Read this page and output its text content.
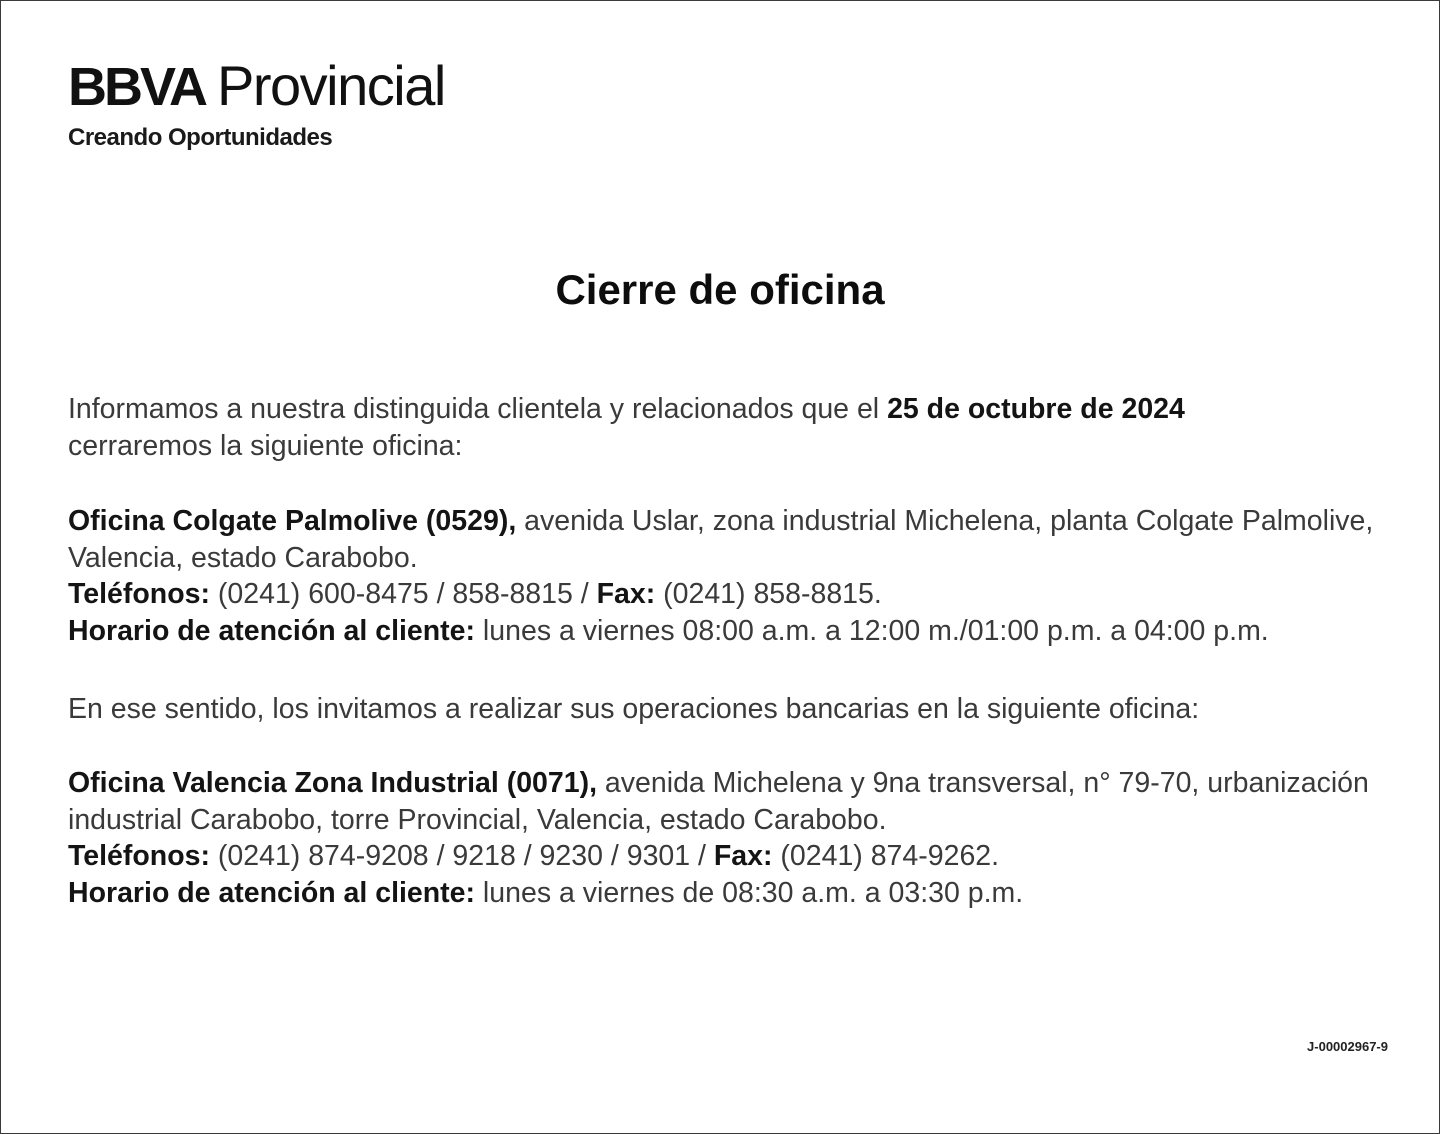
BBVA Provincial
Creando Oportunidades
Cierre de oficina

Informamos a nuestra distinguida clientela y relacionados que el 25 de octubre de 2024
cerraremos la siguiente oficina:

Oficina Colgate Palmolive (0529), avenida Uslar, zona industrial Michelena, planta Colgate Palmolive, Valencia, estado Carabobo.
Teléfonos: (0241) 600-8475 / 858-8815 / Fax: (0241) 858-8815.
Horario de atención al cliente: lunes a viernes 08:00 a.m. a 12:00 m./01:00 p.m. a 04:00 p.m.

En ese sentido, los invitamos a realizar sus operaciones bancarias en la siguiente oficina:

Oficina Valencia Zona Industrial (0071), avenida Michelena y 9na transversal, n° 79-70, urbanización industrial Carabobo, torre Provincial, Valencia, estado Carabobo.
Teléfonos: (0241) 874-9208 / 9218 / 9230 / 9301 / Fax: (0241) 874-9262.
Horario de atención al cliente: lunes a viernes de 08:30 a.m. a 03:30 p.m.

J-00002967-9
